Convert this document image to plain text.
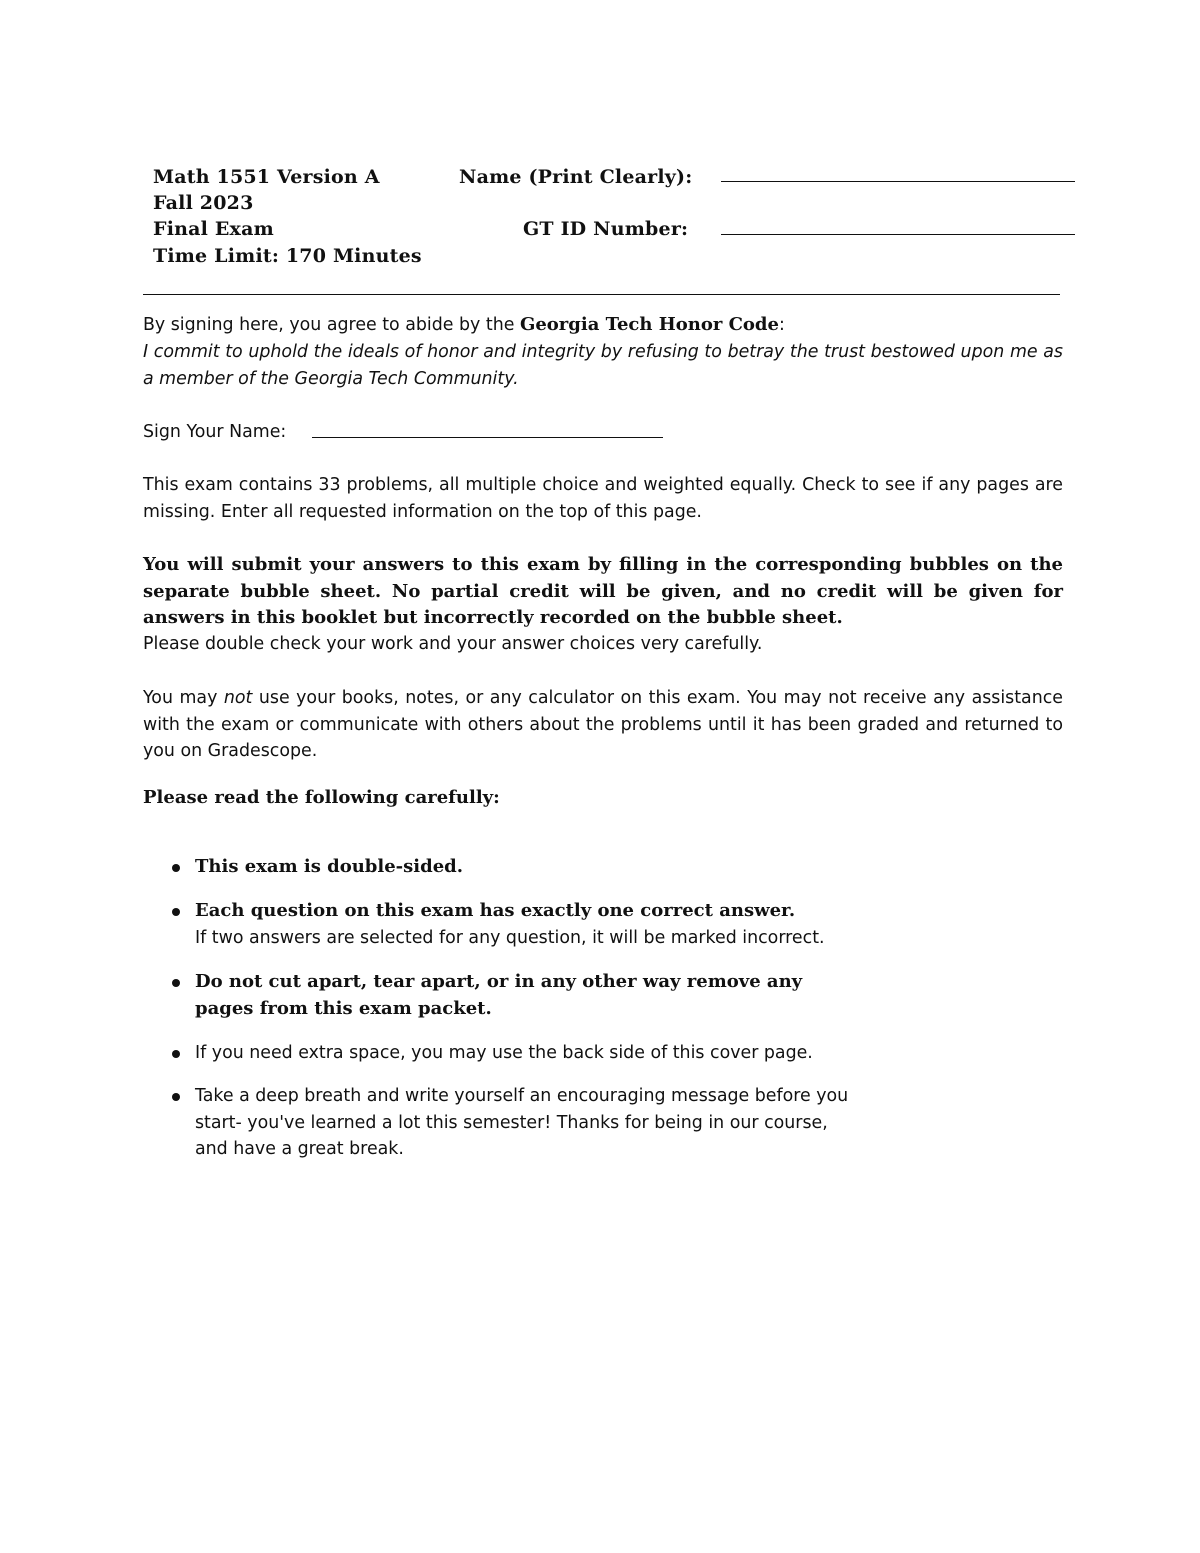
Math 1551 Version A
Fall 2023
Final Exam
Time Limit: 170 Minutes
Name (Print Clearly):
GT ID Number:
By signing here, you agree to abide by the Georgia Tech Honor Code:
I commit to uphold the ideals of honor and integrity by refusing to betray the trust bestowed upon me as a member of the Georgia Tech Community.
Sign Your Name:
This exam contains 33 problems, all multiple choice and weighted equally. Check to see if any pages are missing. Enter all requested information on the top of this page.
You will submit your answers to this exam by filling in the corresponding bubbles on the separate bubble sheet. No partial credit will be given, and no credit will be given for answers in this booklet but incorrectly recorded on the bubble sheet.
Please double check your work and your answer choices very carefully.
You may not use your books, notes, or any calculator on this exam. You may not receive any assistance with the exam or communicate with others about the problems until it has been graded and returned to you on Gradescope.
Please read the following carefully:
This exam is double-sided.
Each question on this exam has exactly one correct answer.
If two answers are selected for any question, it will be marked incorrect.
Do not cut apart, tear apart, or in any other way remove any pages from this exam packet.
If you need extra space, you may use the back side of this cover page.
Take a deep breath and write yourself an encouraging message before you start- you've learned a lot this semester! Thanks for being in our course, and have a great break.
